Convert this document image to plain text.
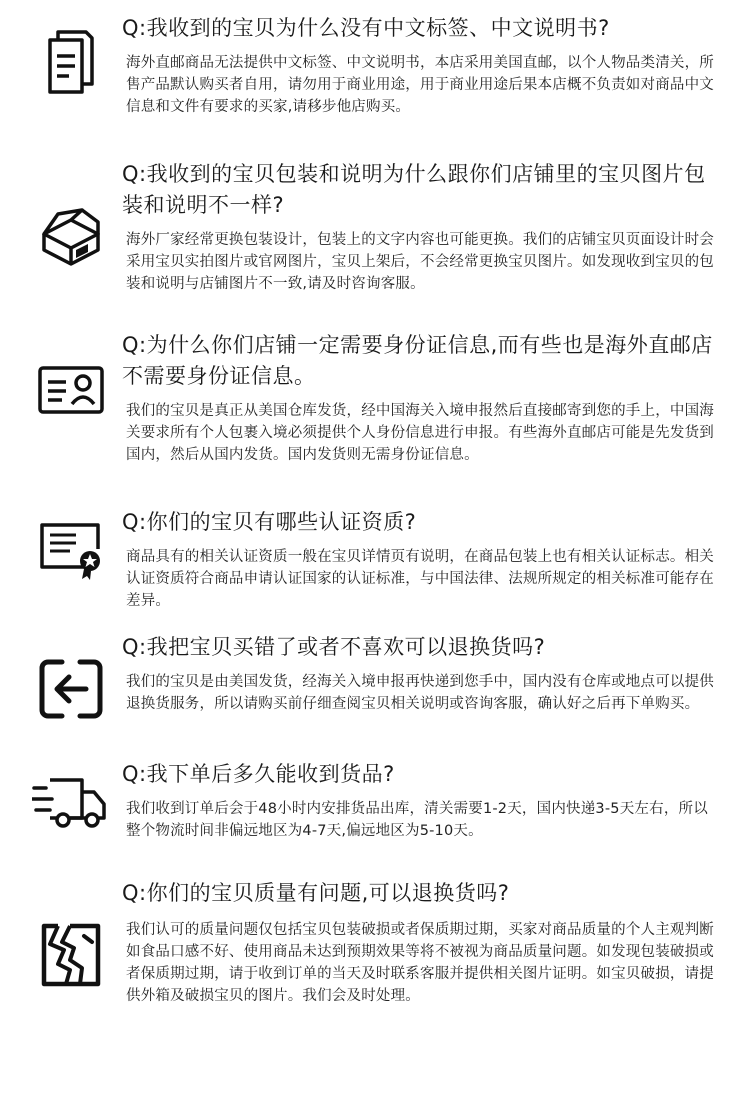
Q:我收到的宝贝为什么没有中文标签、中文说明书?

海外直邮商品无法提供中文标签、中文说明书，本店采用美国直邮，以个人物品类清关，所售产品默认购买者自用，请勿用于商业用途，用于商业用途后果本店概不负责如对商品中文信息和文件有要求的买家,请移步他店购买。

Q:我收到的宝贝包装和说明为什么跟你们店铺里的宝贝图片包装和说明不一样?

海外厂家经常更换包装设计，包装上的文字内容也可能更换。我们的店铺宝贝页面设计时会采用宝贝实拍图片或官网图片，宝贝上架后，不会经常更换宝贝图片。如发现收到宝贝的包装和说明与店铺图片不一致,请及时咨询客服。

Q:为什么你们店铺一定需要身份证信息,而有些也是海外直邮店不需要身份证信息。

我们的宝贝是真正从美国仓库发货，经中国海关入境申报然后直接邮寄到您的手上，中国海关要求所有个人包裹入境必须提供个人身份信息进行申报。有些海外直邮店可能是先发货到国内，然后从国内发货。国内发货则无需身份证信息。

Q:你们的宝贝有哪些认证资质?

商品具有的相关认证资质一般在宝贝详情页有说明，在商品包装上也有相关认证标志。相关认证资质符合商品申请认证国家的认证标准，与中国法律、法规所规定的相关标准可能存在差异。

Q:我把宝贝买错了或者不喜欢可以退换货吗?

我们的宝贝是由美国发货，经海关入境申报再快递到您手中，国内没有仓库或地点可以提供退换货服务，所以请购买前仔细查阅宝贝相关说明或咨询客服，确认好之后再下单购买。

Q:我下单后多久能收到货品?

我们收到订单后会于48小时内安排货品出库，清关需要1-2天，国内快递3-5天左右，所以整个物流时间非偏远地区为4-7天,偏远地区为5-10天。

Q:你们的宝贝质量有问题,可以退换货吗?

我们认可的质量问题仅包括宝贝包装破损或者保质期过期，买家对商品质量的个人主观判断如食品口感不好、使用商品未达到预期效果等将不被视为商品质量问题。如发现包装破损或者保质期过期，请于收到订单的当天及时联系客服并提供相关图片证明。如宝贝破损，请提供外箱及破损宝贝的图片。我们会及时处理。
